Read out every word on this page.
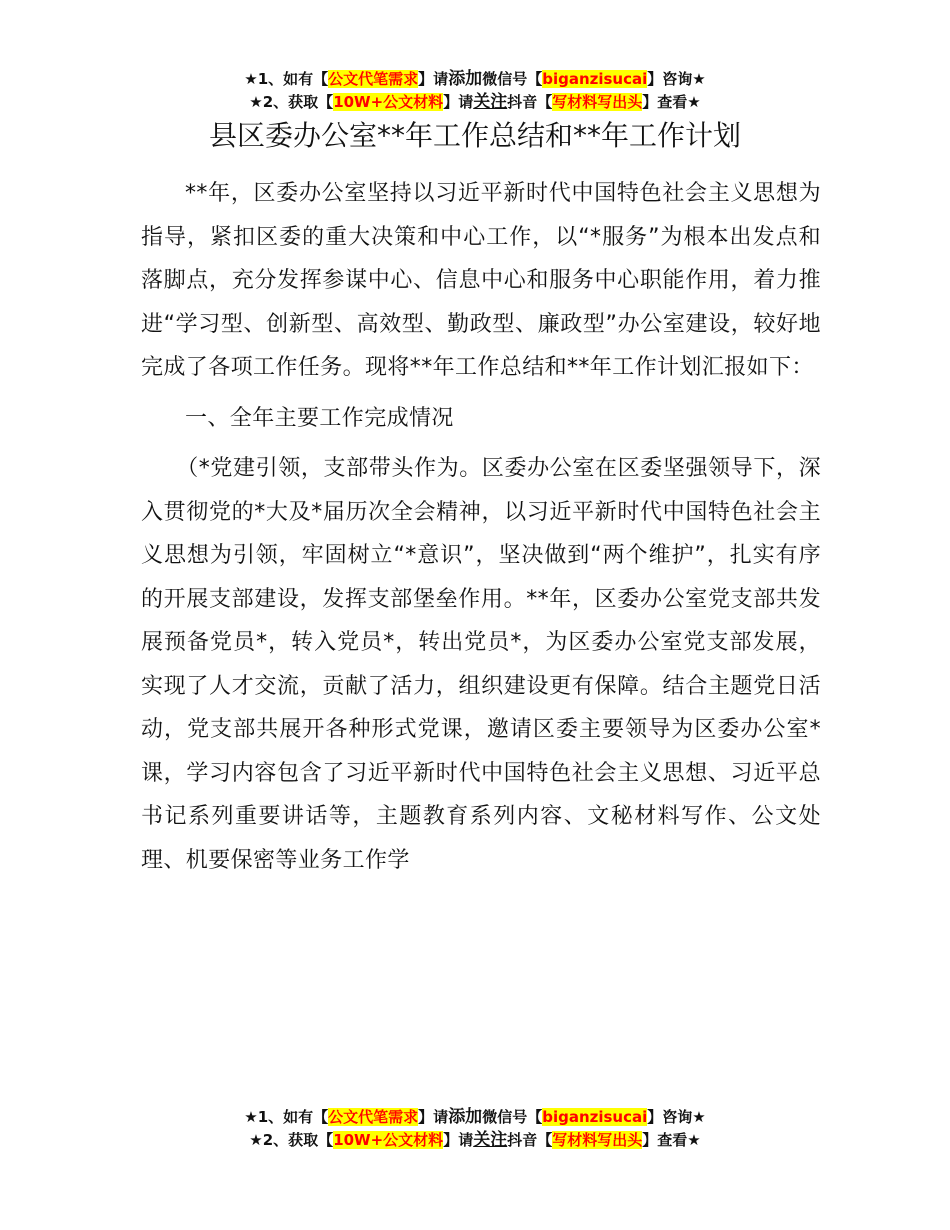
★1、如有【公文代笔需求】请添加微信号【biganzisucai】咨询★
★2、获取【10W+公文材料】请关注抖音【写材料写出头】查看★
县区委办公室**年工作总结和**年工作计划

**年，区委办公室坚持以习近平新时代中国特色社会主义思想为指导，紧扣区委的重大决策和中心工作，以“*服务”为根本出发点和落脚点，充分发挥参谋中心、信息中心和服务中心职能作用，着力推进“学习型、创新型、高效型、勤政型、廉政型”办公室建设，较好地完成了各项工作任务。现将**年工作总结和**年工作计划汇报如下：

一、全年主要工作完成情况

（*党建引领，支部带头作为。区委办公室在区委坚强领导下，深入贯彻党的*大及*届历次全会精神，以习近平新时代中国特色社会主义思想为引领，牢固树立“*意识”，坚决做到“两个维护”，扎实有序的开展支部建设，发挥支部堡垒作用。**年，区委办公室党支部共发展预备党员*，转入党员*，转出党员*，为区委办公室党支部发展，实现了人才交流，贡献了活力，组织建设更有保障。结合主题党日活动，党支部共展开各种形式党课，邀请区委主要领导为区委办公室*课，学习内容包含了习近平新时代中国特色社会主义思想、习近平总书记系列重要讲话等，主题教育系列内容、文秘材料写作、公文处理、机要保密等业务工作学

★1、如有【公文代笔需求】请添加微信号【biganzisucai】咨询★
★2、获取【10W+公文材料】请关注抖音【写材料写出头】查看★
